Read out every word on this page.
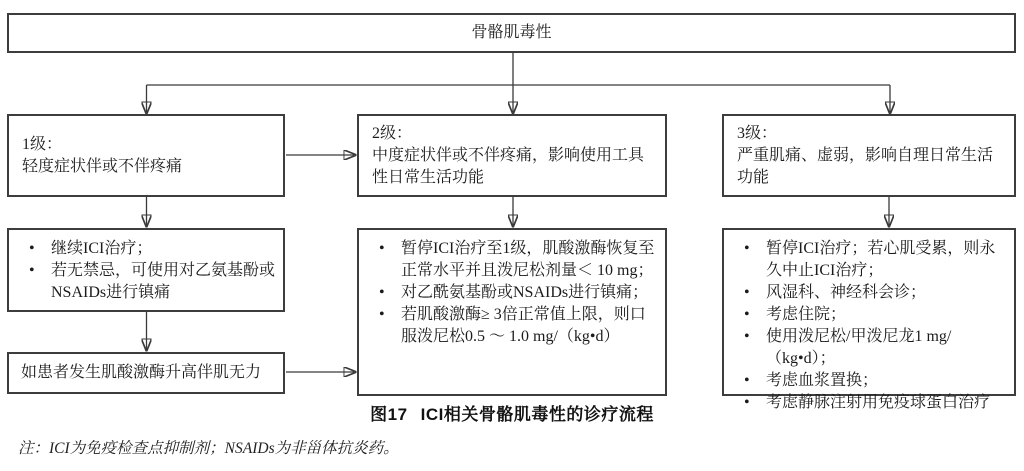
骨骼肌毒性
1级：
轻度症状伴或不伴疼痛
2级：
中度症状伴或不伴疼痛，影响使用工具性日常生活功能
3级：
严重肌痛、虚弱，影响自理日常生活功能
•	继续ICI治疗；
•	若无禁忌，可使用对乙氨基酚或NSAIDs进行镇痛
•	暂停ICI治疗至1级，肌酸激酶恢复至正常水平并且泼尼松剂量＜ 10 mg；
•	对乙酰氨基酚或NSAIDs进行镇痛；
•	若肌酸激酶≥ 3倍正常值上限，则口服泼尼松0.5 ～ 1.0 mg/（kg•d）
•	暂停ICI治疗；若心肌受累，则永久中止ICI治疗；
•	风湿科、神经科会诊；
•	考虑住院；
•	使用泼尼松/甲泼尼龙1 mg/（kg•d）；
•	考虑血浆置换；
•	考虑静脉注射用免疫球蛋白治疗
如患者发生肌酸激酶升高伴肌无力
图17 ICI相关骨骼肌毒性的诊疗流程
注：ICI为免疫检查点抑制剂；NSAIDs为非甾体抗炎药。
